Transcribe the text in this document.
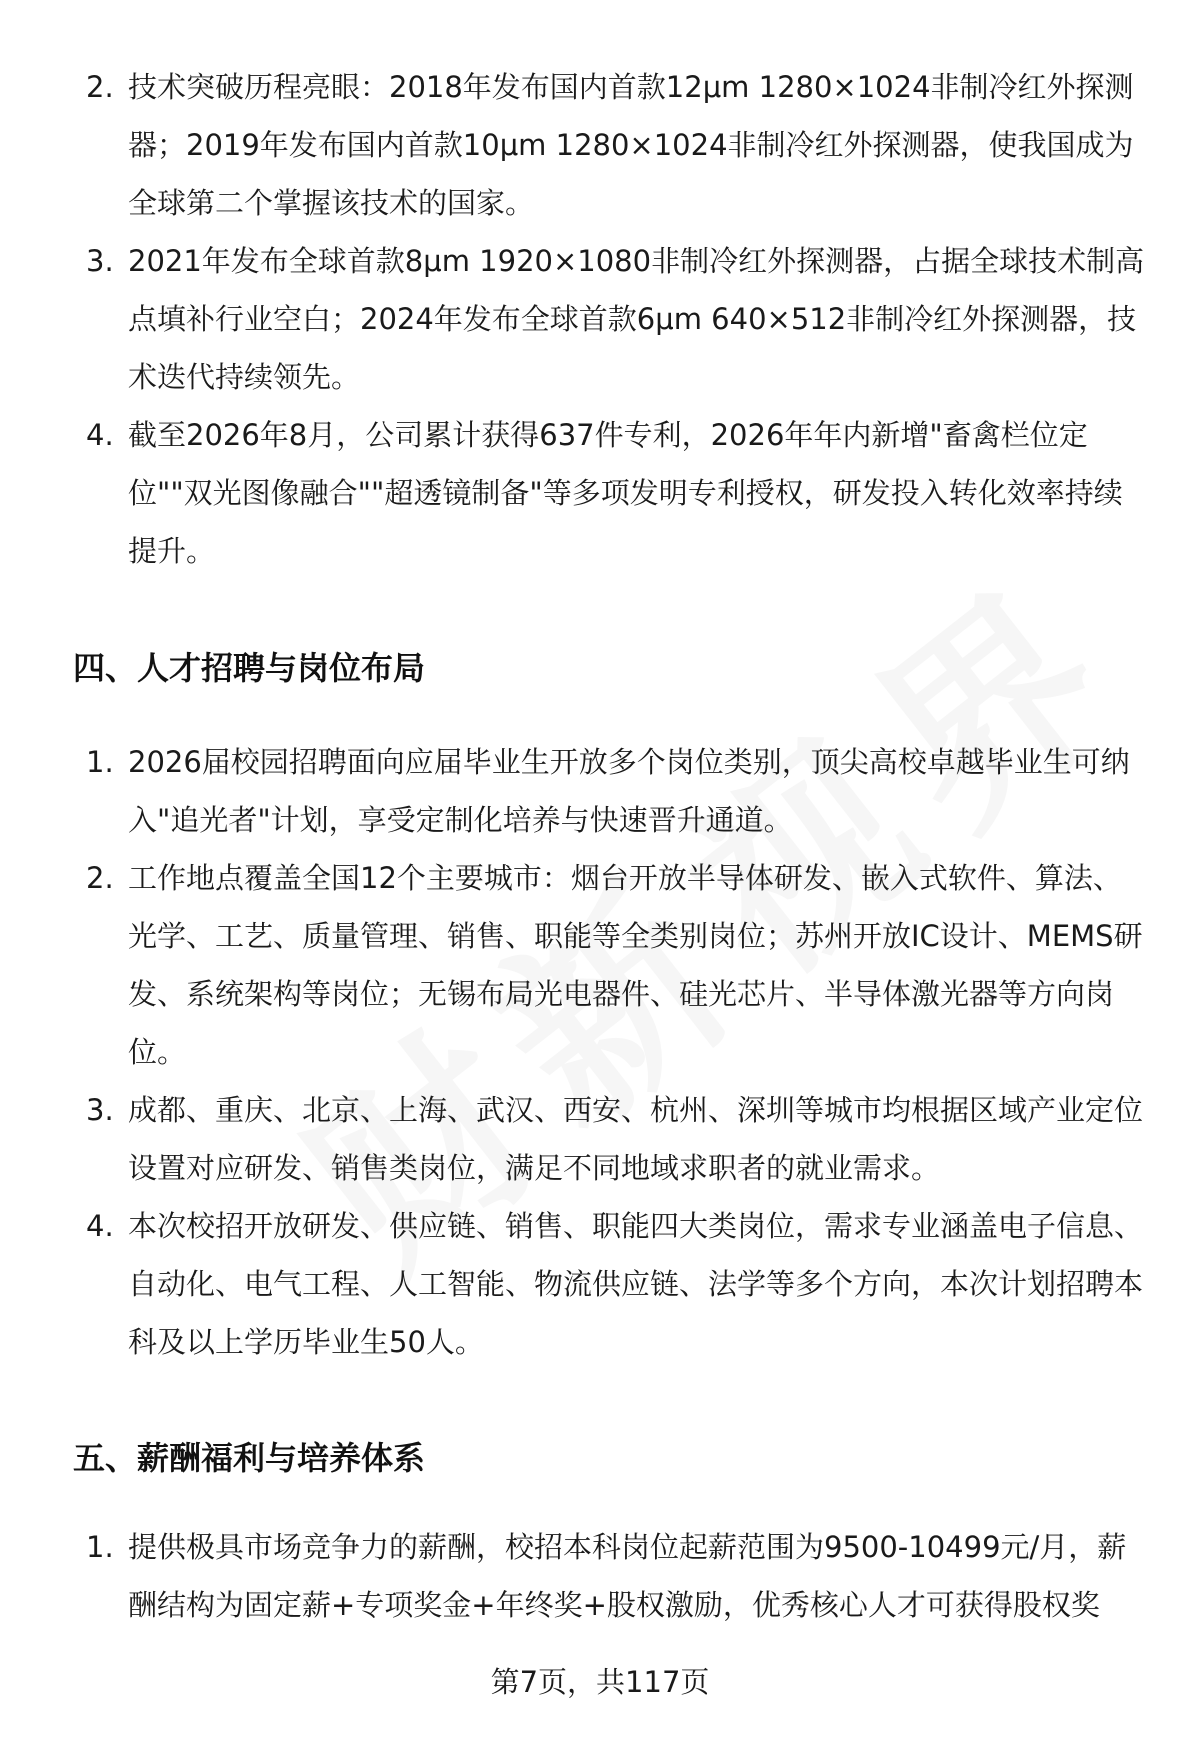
2. 技术突破历程亮眼：2018年发布国内首款12μm 1280×1024非制冷红外探测器；2019年发布国内首款10μm 1280×1024非制冷红外探测器，使我国成为全球第二个掌握该技术的国家。
3. 2021年发布全球首款8μm 1920×1080非制冷红外探测器，占据全球技术制高点填补行业空白；2024年发布全球首款6μm 640×512非制冷红外探测器，技术迭代持续领先。
4. 截至2026年8月，公司累计获得637件专利，2026年年内新增"畜禽栏位定位""双光图像融合""超透镜制备"等多项发明专利授权，研发投入转化效率持续提升。
四、人才招聘与岗位布局
1. 2026届校园招聘面向应届毕业生开放多个岗位类别，顶尖高校卓越毕业生可纳入"追光者"计划，享受定制化培养与快速晋升通道。
2. 工作地点覆盖全国12个主要城市：烟台开放半导体研发、嵌入式软件、算法、光学、工艺、质量管理、销售、职能等全类别岗位；苏州开放IC设计、MEMS研发、系统架构等岗位；无锡布局光电器件、硅光芯片、半导体激光器等方向岗位。
3. 成都、重庆、北京、上海、武汉、西安、杭州、深圳等城市均根据区域产业定位设置对应研发、销售类岗位，满足不同地域求职者的就业需求。
4. 本次校招开放研发、供应链、销售、职能四大类岗位，需求专业涵盖电子信息、自动化、电气工程、人工智能、物流供应链、法学等多个方向，本次计划招聘本科及以上学历毕业生50人。
五、薪酬福利与培养体系
1. 提供极具市场竞争力的薪酬，校招本科岗位起薪范围为9500-10499元/月，薪酬结构为固定薪+专项奖金+年终奖+股权激励，优秀核心人才可获得股权奖
第7页，共117页
